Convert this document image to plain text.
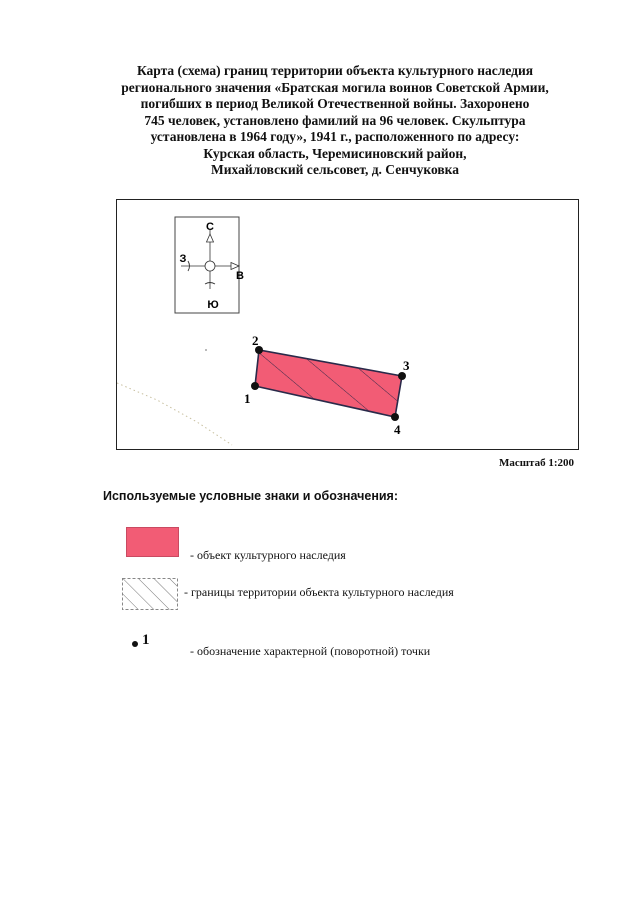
Карта (схема) границ территории объекта культурного наследия
регионального значения «Братская могила воинов Советской Армии,
погибших в период Великой Отечественной войны. Захоронено
745 человек, установлено фамилий на 96 человек. Скульптура
установлена в 1964 году», 1941 г., расположенного по адресу:
Курская область, Черемисиновский район,
Михайловский сельсовет, д. Сенчуковка
С
Ю
З
В
1
2
3
4
Масштаб 1:200
Используемые условные знаки и обозначения:
- объект культурного наследия
- границы территории объекта культурного наследия
1
- обозначение характерной (поворотной) точки
